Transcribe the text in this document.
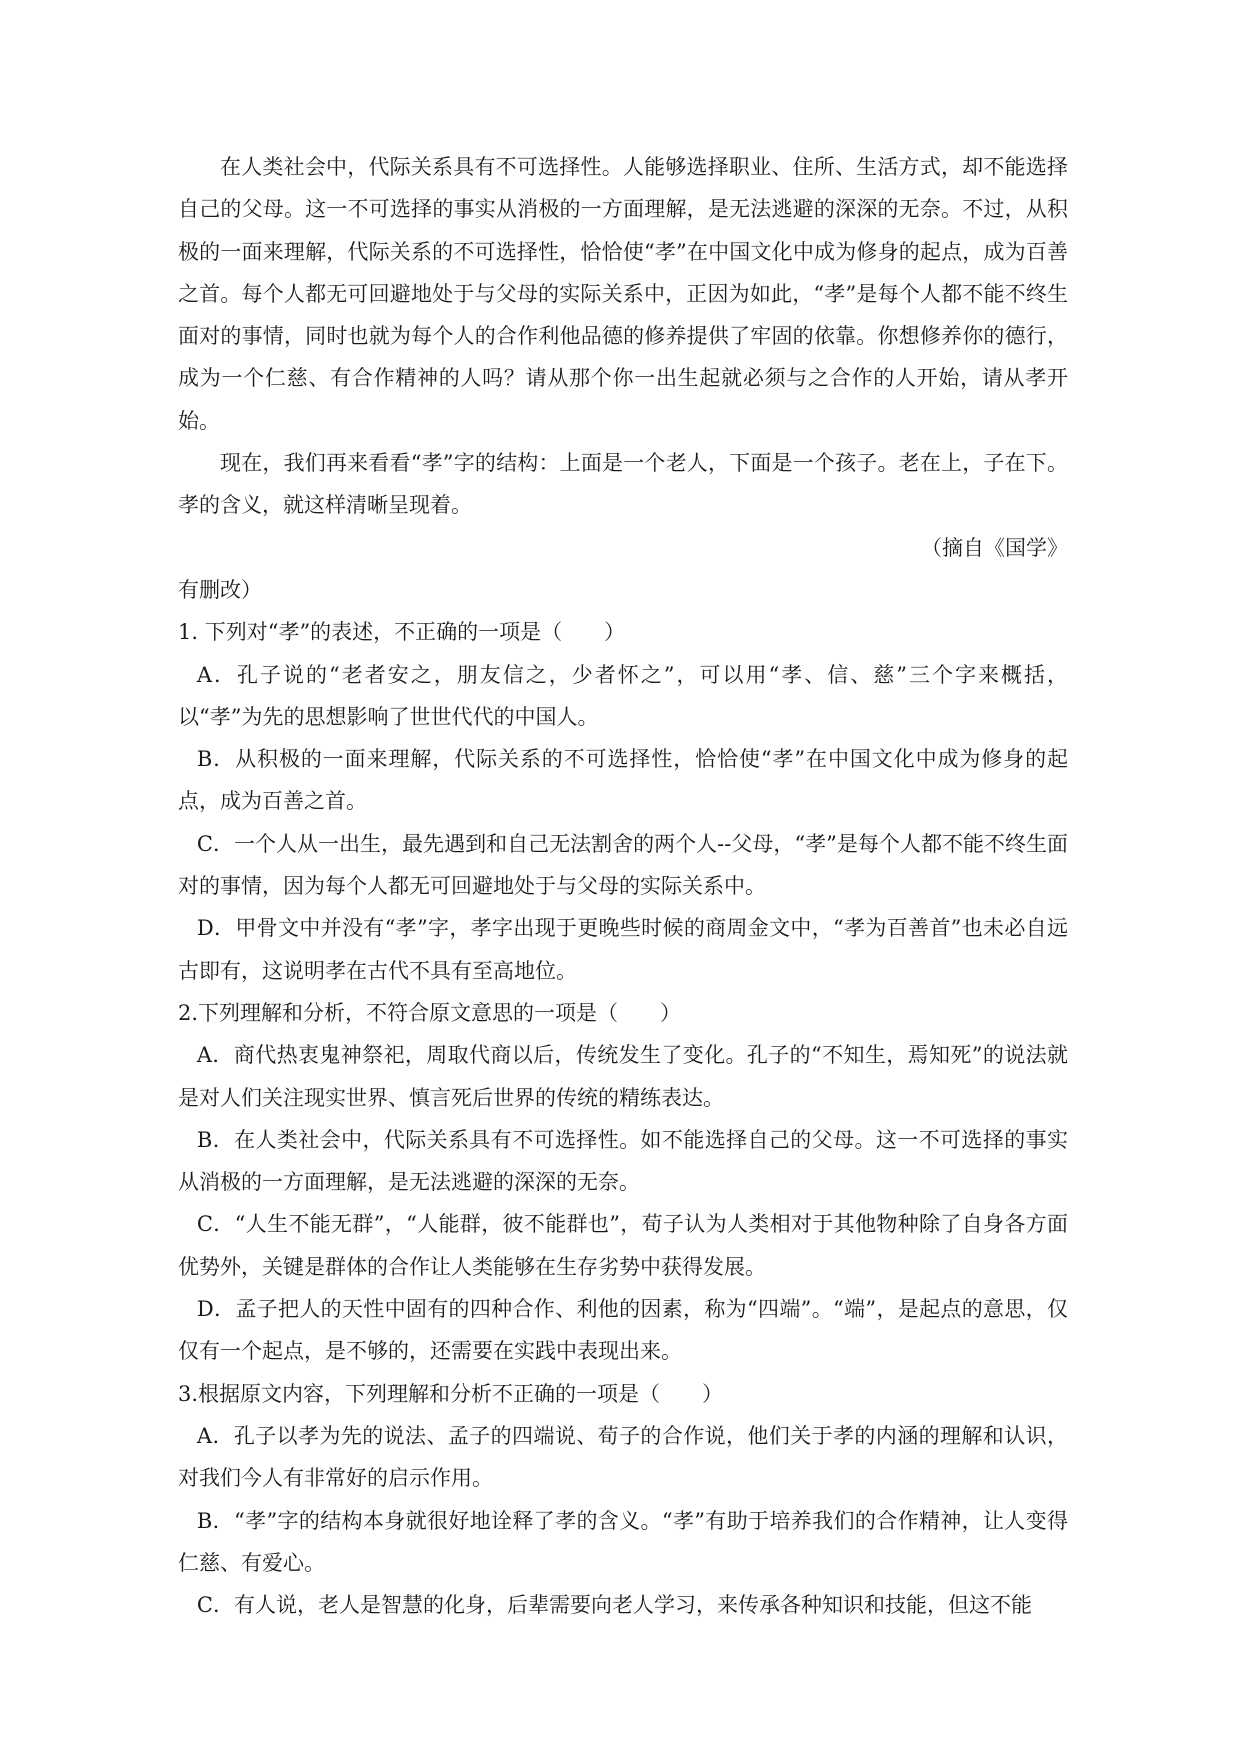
在人类社会中，代际关系具有不可选择性。人能够选择职业、住所、生活方式，却不能选择自己的父母。这一不可选择的事实从消极的一方面理解，是无法逃避的深深的无奈。不过，从积极的一面来理解，代际关系的不可选择性，恰恰使“孝”在中国文化中成为修身的起点，成为百善之首。每个人都无可回避地处于与父母的实际关系中，正因为如此，“孝”是每个人都不能不终生面对的事情，同时也就为每个人的合作利他品德的修养提供了牢固的依靠。你想修养你的德行，成为一个仁慈、有合作精神的人吗？请从那个你一出生起就必须与之合作的人开始，请从孝开始。

现在，我们再来看看“孝”字的结构：上面是一个老人，下面是一个孩子。老在上，子在下。孝的含义，就这样清晰呈现着。

（摘自《国学》

有删改）

1. 下列对“孝”的表述，不正确的一项是（　　）

A．孔子说的“老者安之，朋友信之，少者怀之”，可以用“孝、信、慈”三个字来概括，以“孝”为先的思想影响了世世代代的中国人。

B．从积极的一面来理解，代际关系的不可选择性，恰恰使“孝”在中国文化中成为修身的起点，成为百善之首。

C．一个人从一出生，最先遇到和自己无法割舍的两个人--父母，“孝”是每个人都不能不终生面对的事情，因为每个人都无可回避地处于与父母的实际关系中。

D．甲骨文中并没有“孝”字，孝字出现于更晚些时候的商周金文中，“孝为百善首”也未必自远古即有，这说明孝在古代不具有至高地位。

2.下列理解和分析，不符合原文意思的一项是（　　）

A．商代热衷鬼神祭祀，周取代商以后，传统发生了变化。孔子的“不知生，焉知死”的说法就是对人们关注现实世界、慎言死后世界的传统的精练表达。

B．在人类社会中，代际关系具有不可选择性。如不能选择自己的父母。这一不可选择的事实从消极的一方面理解，是无法逃避的深深的无奈。

C．“人生不能无群”，“人能群，彼不能群也”，荀子认为人类相对于其他物种除了自身各方面优势外，关键是群体的合作让人类能够在生存劣势中获得发展。

D．孟子把人的天性中固有的四种合作、利他的因素，称为“四端”。“端”，是起点的意思，仅仅有一个起点，是不够的，还需要在实践中表现出来。

3.根据原文内容，下列理解和分析不正确的一项是（　　）

A．孔子以孝为先的说法、孟子的四端说、荀子的合作说，他们关于孝的内涵的理解和认识，对我们今人有非常好的启示作用。

B．“孝”字的结构本身就很好地诠释了孝的含义。“孝”有助于培养我们的合作精神，让人变得仁慈、有爱心。

C．有人说，老人是智慧的化身，后辈需要向老人学习，来传承各种知识和技能，但这不能
